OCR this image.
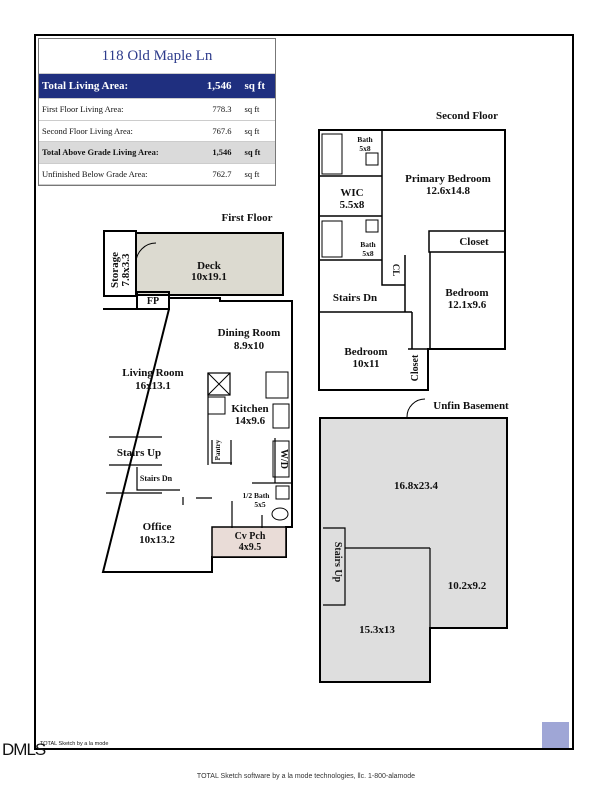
118 Old Maple Ln
Total Living Area:	1,546	sq ft
First Floor Living Area:	778.3	sq ft
Second Floor Living Area:	767.6	sq ft
Total Above Grade Living Area:	1,546	sq ft
Unfinished Below Grade Area:	762.7	sq ft
First Floor
Second Floor
Unfin Basement
Deck
10x19.1
Storage 7.8x3.3
FP
Dining Room
8.9x10
Living Room
16x13.1
Kitchen
14x9.6
Pantry	W/D
Stairs Up
Stairs Dn
1/2 Bath
5x5
Office
10x13.2	Cv Pch
4x9.5
Bath
5x8
Primary Bedroom
12.6x14.8
WIC
5.5x8
Bath
5x8
Closet
CL
Stairs Dn	Bedroom
12.1x9.6
Bedroom
10x11	Closet
16.8x23.4
Stairs Up
10.2x9.2
15.3x13
TOTAL Sketch by a la mode
DMLS
TOTAL Sketch software by a la mode technologies, llc. 1-800-alamode
